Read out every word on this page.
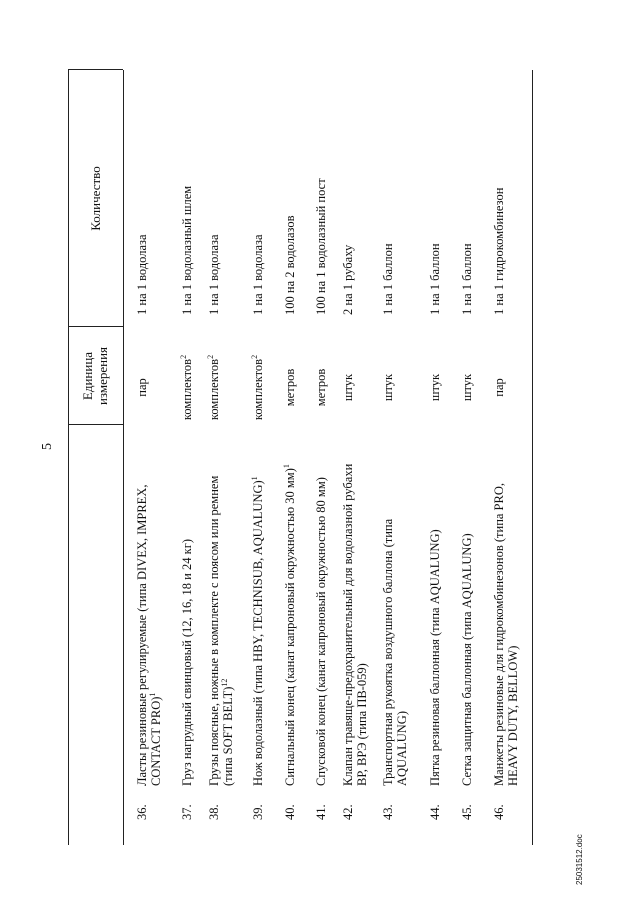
5
Единица измерения
Количество
36.
Ласты резиновые регулируемые (типа DIVEX, IMPREX, CONTACT PRO)$^1$
пар
1 на 1 водолаза
37.
Груз нагрудный свинцовый (12, 16, 18 и 24 кг)
комплектов$^2$
1 на 1 водолазный шлем
38.
Грузы поясные, ножные в комплекте с поясом или ремнем (типа SOFT BELT)$^{12}$
комплектов$^2$
1 на 1 водолаза
39.
Нож водолазный (типа HBY, TECHNISUB, AQUALUNG)$^1$
комплектов$^2$
1 на 1 водолаза
40.
Сигнальный конец (канат капроновый окружностью 30 мм)$^1$
метров
100 на 2 водолазов
41.
Спусковой конец (канат капроновый окружностью 80 мм)
метров
100 на 1 водолазный пост
42.
Клапан травяще-предохранительный для водолазной рубахи ВР, ВРЭ (типа ПВ-059)
штук
2 на 1 рубаху
43.
Транспортная рукоятка воздушного баллона (типа AQUALUNG)
штук
1 на 1 баллон
44.
Пятка резиновая баллонная (типа AQUALUNG)
штук
1 на 1 баллон
45.
Сетка защитная баллонная (типа AQUALUNG)
штук
1 на 1 баллон
46.
Манжеты резиновые для гидрокомбинезонов (типа PRO, HEAVY DUTY, BELLOW)
пар
1 на 1 гидрокомбинезон
25031512.doc
